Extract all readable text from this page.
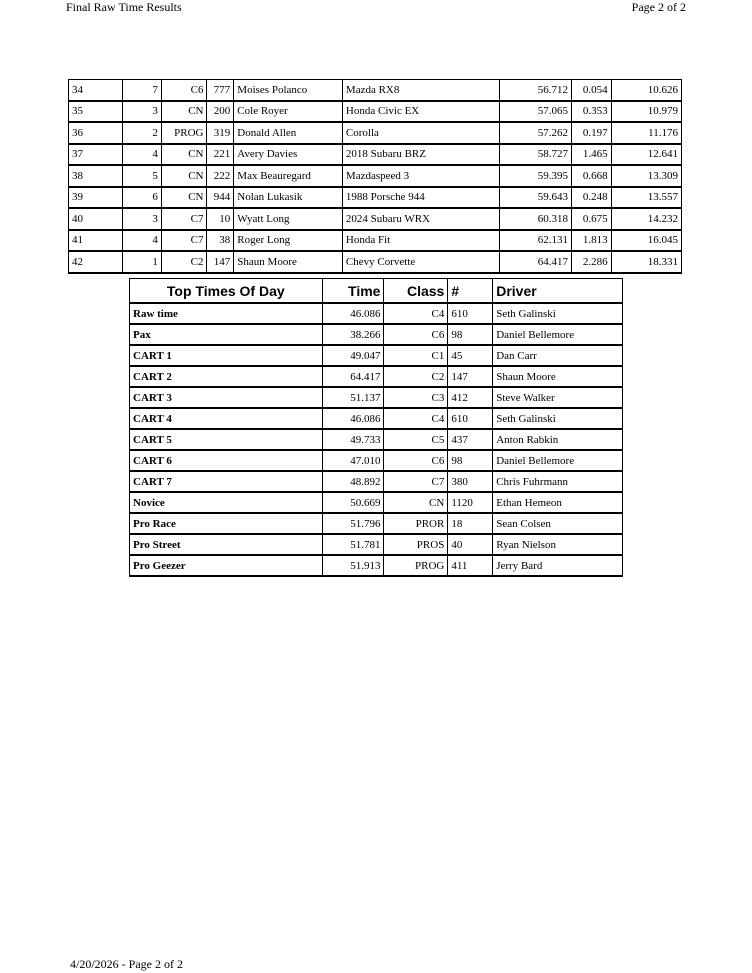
Final Raw Time Results	Page 2 of 2
34	7	C6	777	Moises Polanco	Mazda RX8	56.712	0.054	10.626
35	3	CN	200	Cole Royer	Honda Civic EX	57.065	0.353	10.979
36	2	PROG	319	Donald Allen	Corolla	57.262	0.197	11.176
37	4	CN	221	Avery Davies	2018 Subaru BRZ	58.727	1.465	12.641
38	5	CN	222	Max Beauregard	Mazdaspeed 3	59.395	0.668	13.309
39	6	CN	944	Nolan Lukasik	1988 Porsche 944	59.643	0.248	13.557
40	3	C7	10	Wyatt Long	2024 Subaru WRX	60.318	0.675	14.232
41	4	C7	38	Roger Long	Honda Fit	62.131	1.813	16.045
42	1	C2	147	Shaun Moore	Chevy Corvette	64.417	2.286	18.331
Top Times Of Day	Time	Class	#	Driver
Raw time	46.086	C4	610	Seth Galinski
Pax	38.266	C6	98	Daniel Bellemore
CART 1	49.047	C1	45	Dan Carr
CART 2	64.417	C2	147	Shaun Moore
CART 3	51.137	C3	412	Steve Walker
CART 4	46.086	C4	610	Seth Galinski
CART 5	49.733	C5	437	Anton Rabkin
CART 6	47.010	C6	98	Daniel Bellemore
CART 7	48.892	C7	380	Chris Fuhrmann
Novice	50.669	CN	1120	Ethan Hemeon
Pro Race	51.796	PROR	18	Sean Colsen
Pro Street	51.781	PROS	40	Ryan Nielson
Pro Geezer	51.913	PROG	411	Jerry Bard
4/20/2026 - Page 2 of 2
